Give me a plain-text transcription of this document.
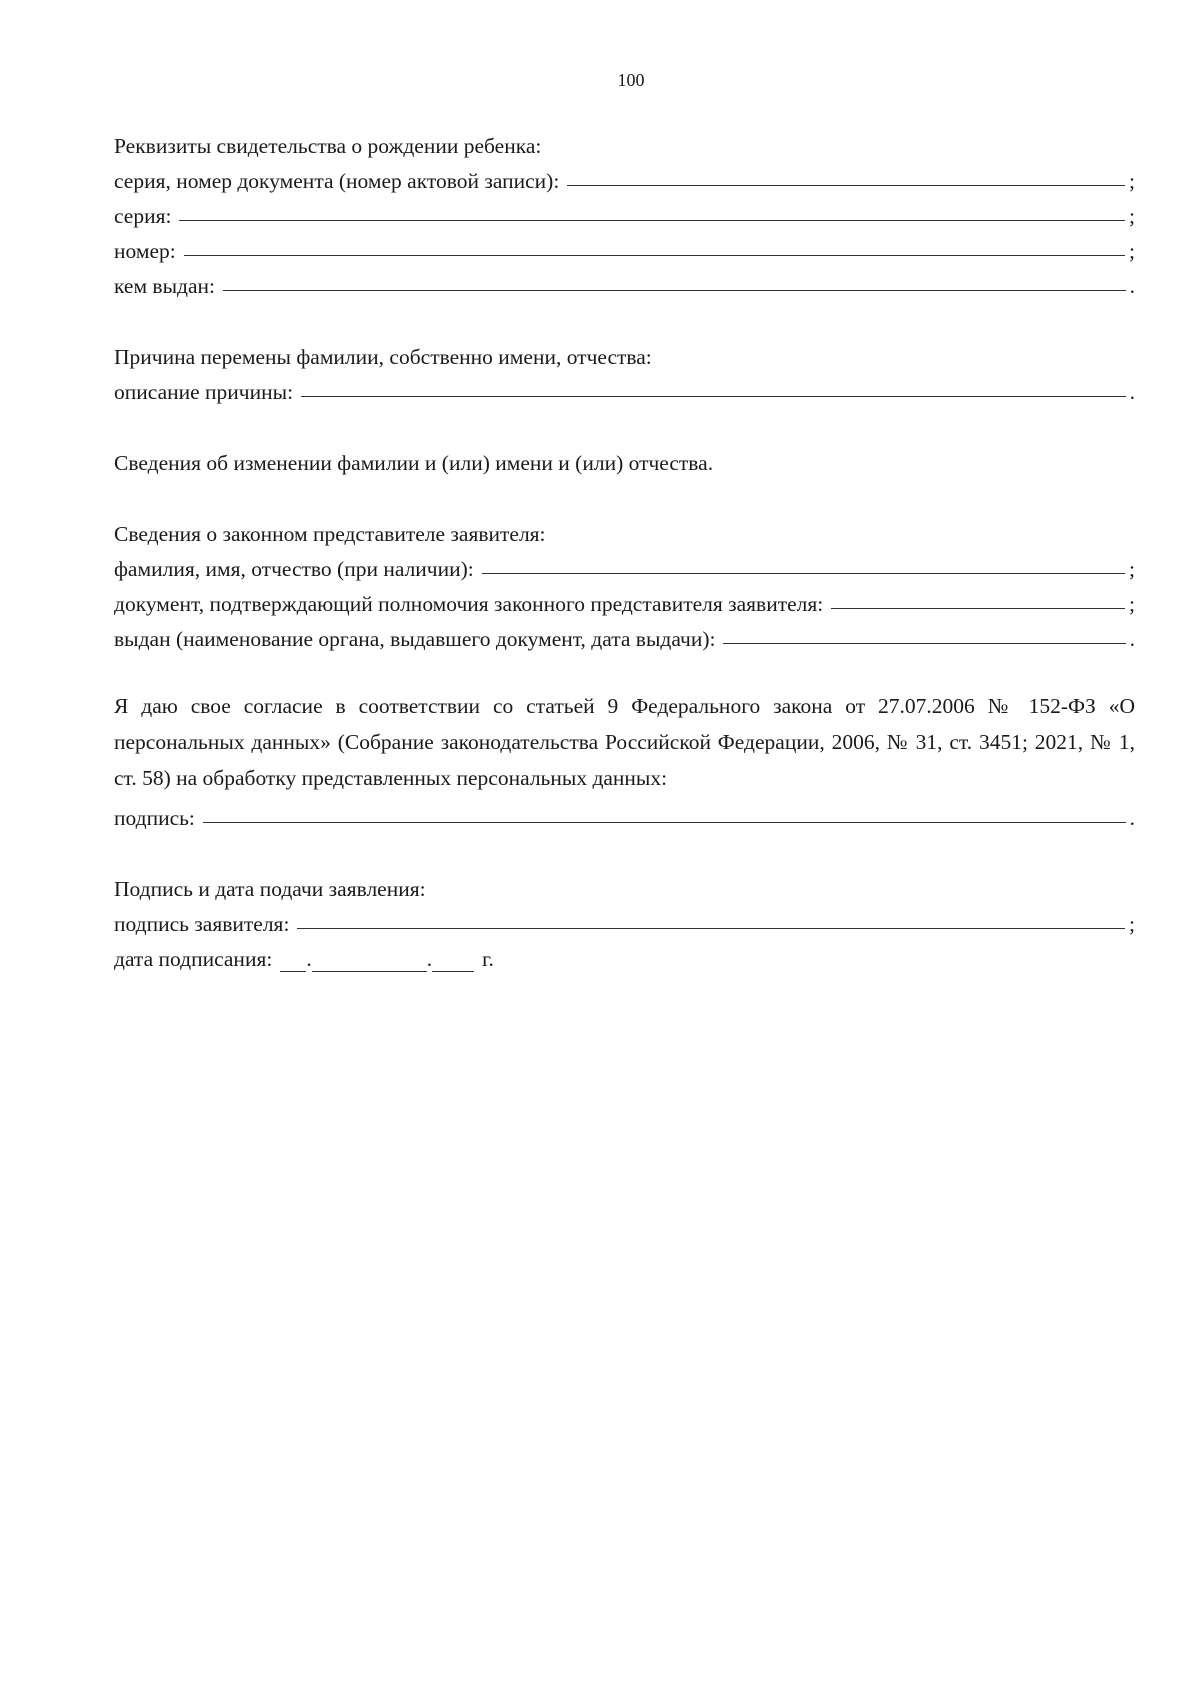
100
Реквизиты свидетельства о рождении ребенка:
серия, номер документа (номер актовой записи):	;
серия:	;
номер:	;
кем выдан:	.
Причина перемены фамилии, собственно имени, отчества:
описание причины:	.
Сведения об изменении фамилии и (или) имени и (или) отчества.
Сведения о законном представителе заявителя:
фамилия, имя, отчество (при наличии):	;
документ, подтверждающий полномочия законного представителя заявителя:	;
выдан (наименование органа, выдавшего документ, дата выдачи):	.
Я даю свое согласие в соответствии со статьей 9 Федерального закона от 27.07.2006 № 152-ФЗ «О персональных данных» (Собрание законодательства Российской Федерации, 2006, № 31, ст. 3451; 2021, № 1, ст. 58) на обработку представленных персональных данных:
подпись:	.
Подпись и дата подачи заявления:
подпись заявителя:	;
дата подписания: .	. г.
